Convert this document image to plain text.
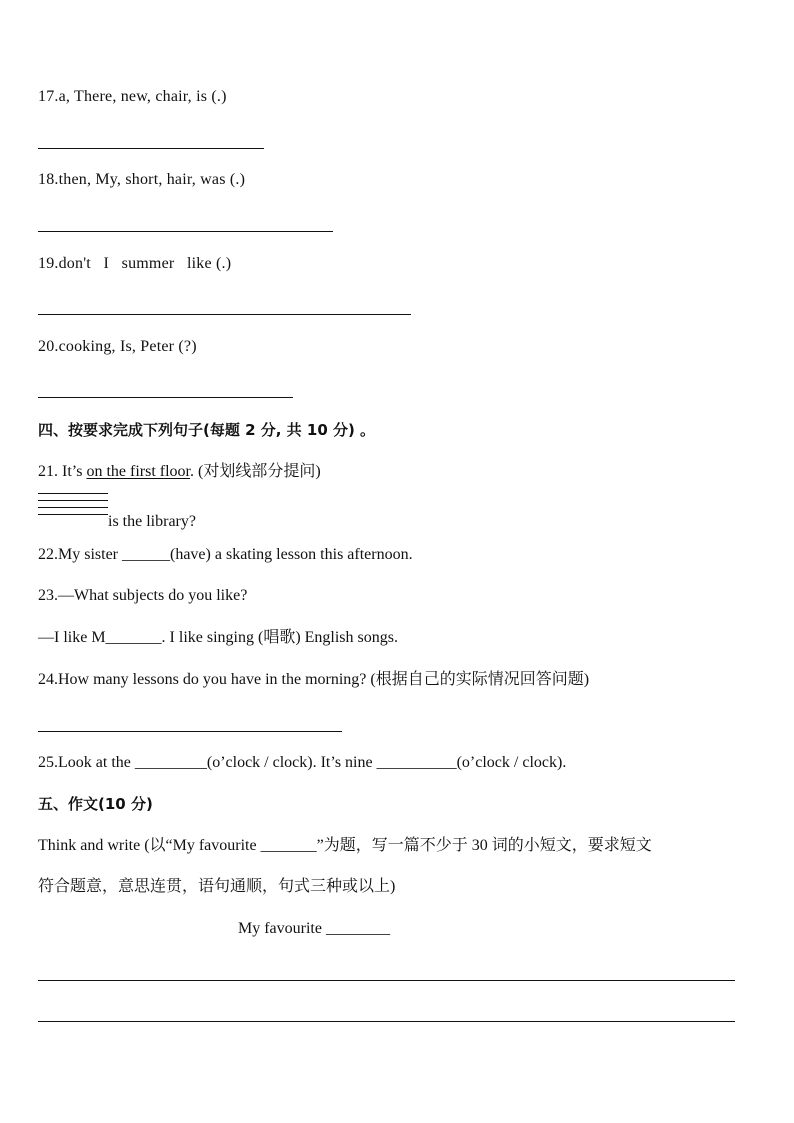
17.a, There, new, chair, is (.)
18.then, My, short, hair, was (.)
19.don't   I   summer   like (.)
20.cooking, Is, Peter (?)
四、按要求完成下列句子(每题 2 分, 共 10 分) 。
21. It’s on the first floor. (对划线部分提问)
is the library?
22.My sister ______(have) a skating lesson this afternoon.
23.—What subjects do you like?
—I like M_______. I like singing (唱歌) English songs.
24.How many lessons do you have in the morning? (根据自己的实际情况回答问题)
25.Look at the _________(o’clock / clock). It’s nine __________(o’clock / clock).
五、作文(10 分)
Think and write (以“My favourite _______”为题，写一篇不少于 30 词的小短文，要求短文
符合题意，意思连贯，语句通顺，句式三种或以上)
My favourite ________
